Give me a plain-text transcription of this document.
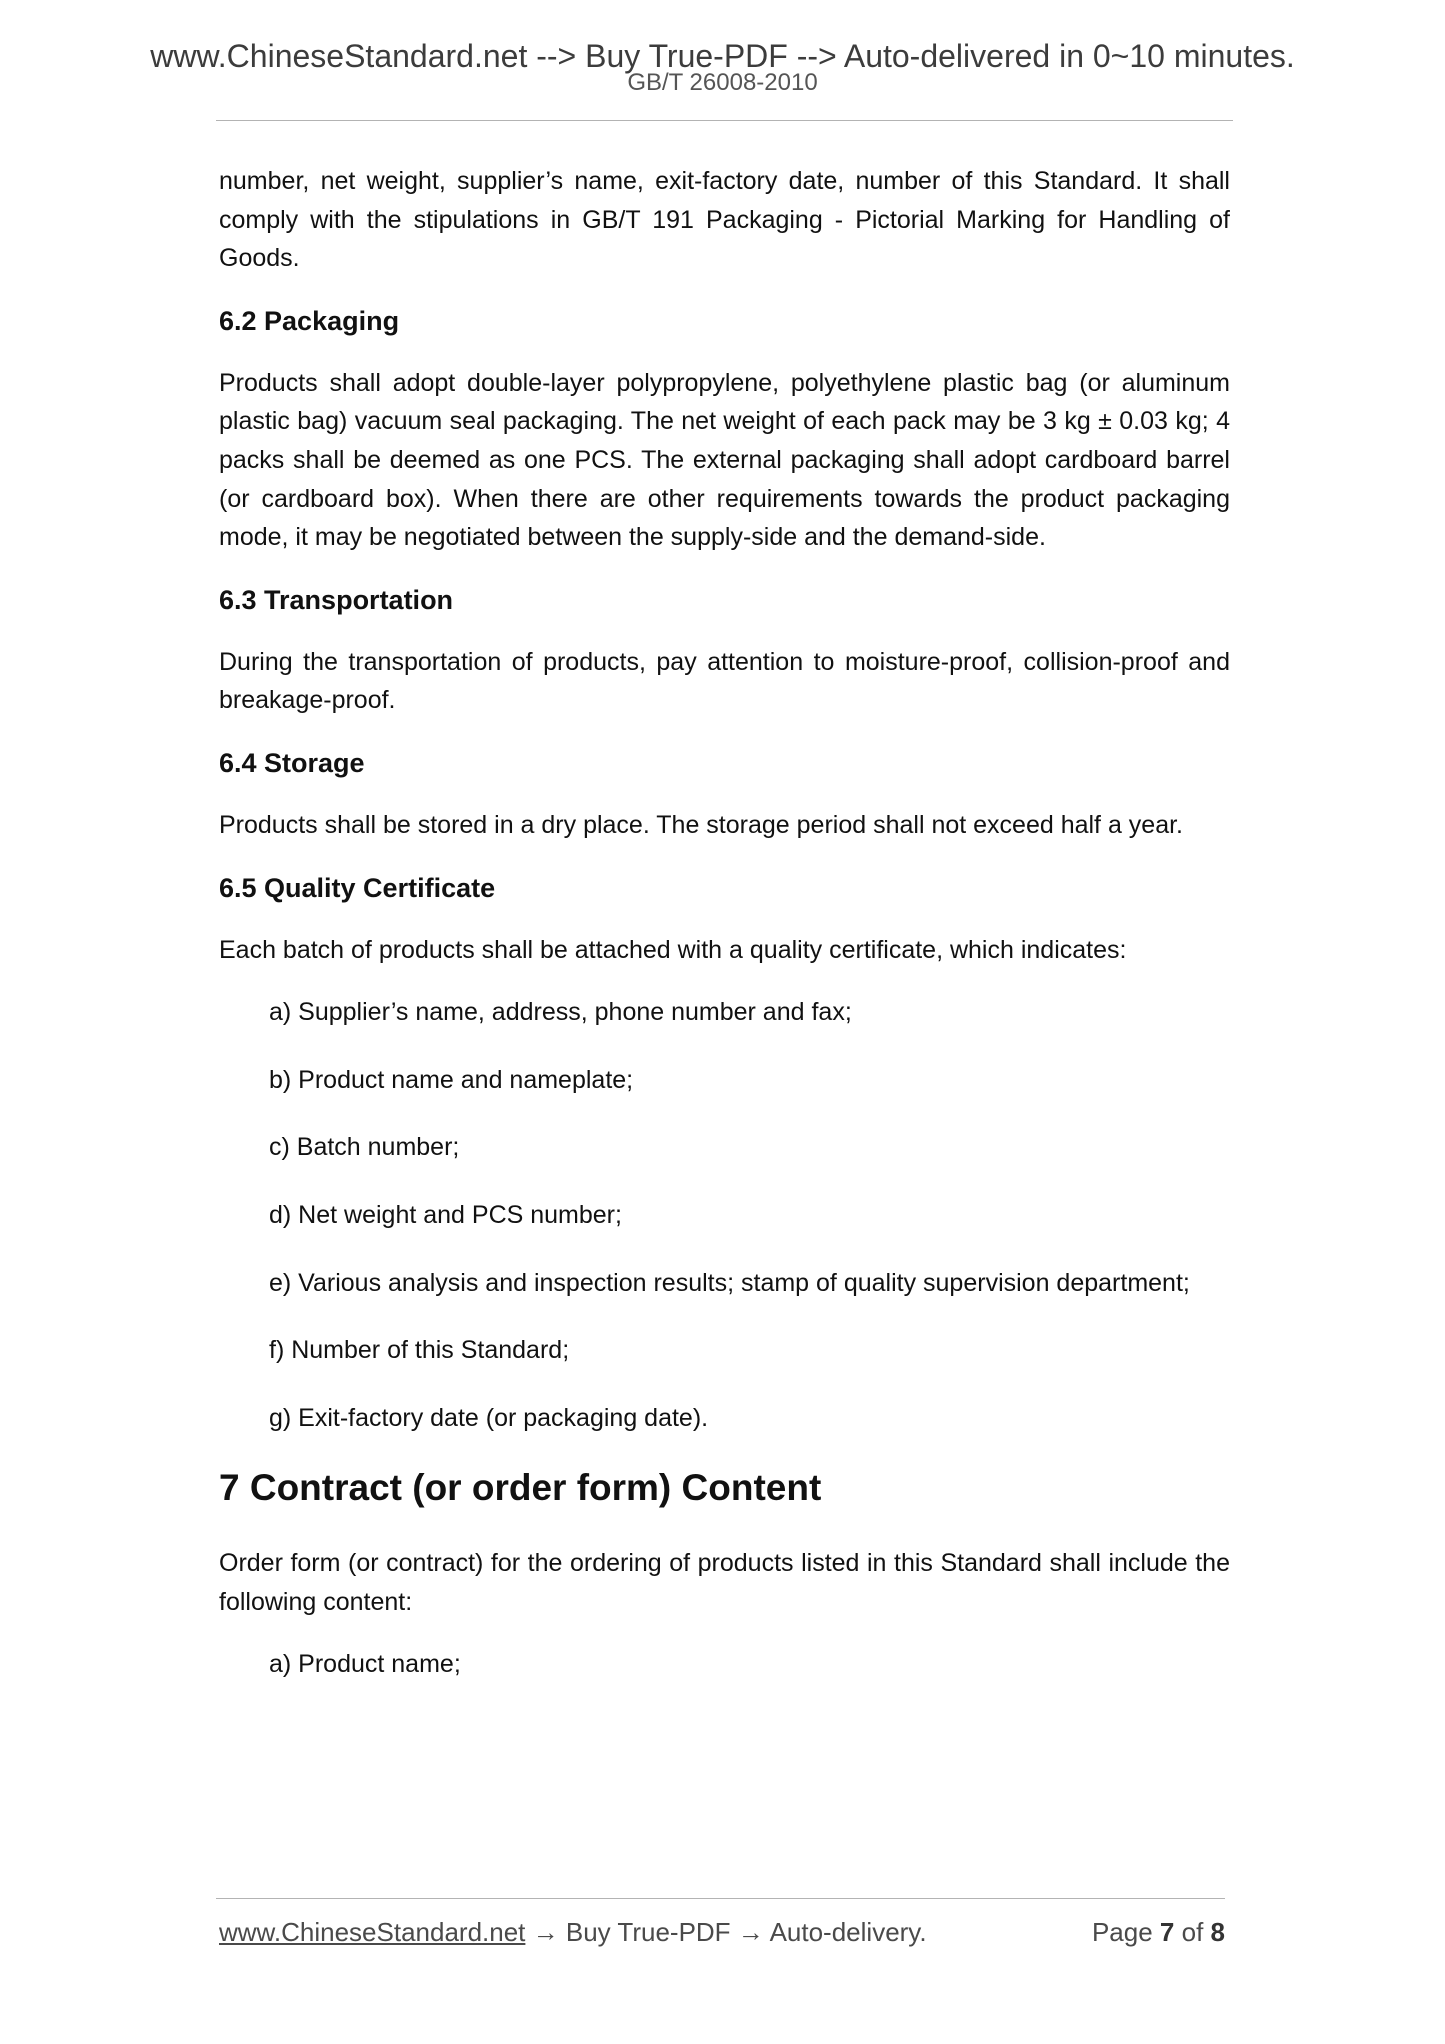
www.ChineseStandard.net --> Buy True-PDF --> Auto-delivered in 0~10 minutes.
GB/T 26008-2010

number, net weight, supplier’s name, exit-factory date, number of this Standard. It shall comply with the stipulations in GB/T 191 Packaging - Pictorial Marking for Handling of Goods.

6.2 Packaging

Products shall adopt double-layer polypropylene, polyethylene plastic bag (or aluminum plastic bag) vacuum seal packaging. The net weight of each pack may be 3 kg ± 0.03 kg; 4 packs shall be deemed as one PCS. The external packaging shall adopt cardboard barrel (or cardboard box). When there are other requirements towards the product packaging mode, it may be negotiated between the supply-side and the demand-side.

6.3 Transportation

During the transportation of products, pay attention to moisture-proof, collision-proof and breakage-proof.

6.4 Storage

Products shall be stored in a dry place. The storage period shall not exceed half a year.

6.5 Quality Certificate

Each batch of products shall be attached with a quality certificate, which indicates:

a) Supplier’s name, address, phone number and fax;
b) Product name and nameplate;
c) Batch number;
d) Net weight and PCS number;
e) Various analysis and inspection results; stamp of quality supervision department;
f) Number of this Standard;
g) Exit-factory date (or packaging date).
7 Contract (or order form) Content

Order form (or contract) for the ordering of products listed in this Standard shall include the following content:

a) Product name;
www.ChineseStandard.net → Buy True-PDF → Auto-delivery.	Page 7 of 8
